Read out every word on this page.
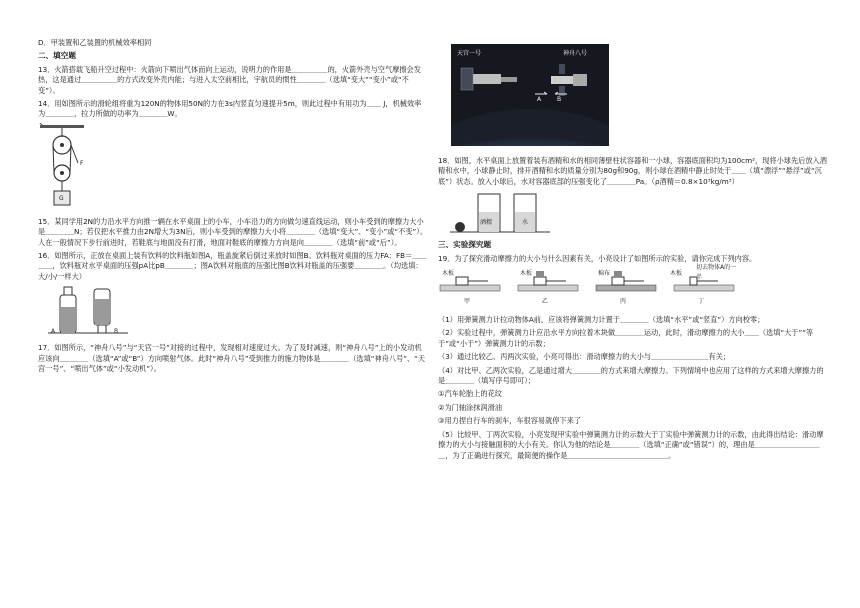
D．甲装置和乙装置的机械效率相同

二、填空题

13．火箭搭载飞船升空过程中：火箭向下喷出气体而向上运动，说明力的作用是＿＿＿＿＿的，火箭外壳与空气摩擦会发热，这是通过＿＿＿＿＿的方式改变外壳内能；与进入太空前相比，宇航员的惯性＿＿＿＿（选填“变大”“变小”或“不变”）。

14．用如图所示的滑轮组将重为120N的物体用50N的力在3s内竖直匀速提升5m，则此过程中有用功为＿＿ J，机械效率为＿＿＿＿，拉力所做的功率为＿＿＿＿W。

F
G

15．某同学用2N的力沿水平方向推一辆在水平桌面上的小车，小车沿力的方向做匀速直线运动，则小车受到的摩擦力大小是＿＿＿＿N；若仅把水平推力由2N增大为3N后，则小车受到的摩擦力大小将＿＿＿＿（选填“变大”、“变小”或“不变”）。人在一般情况下步行前进时，若鞋底与地面没有打滑，地面对鞋底的摩擦力方向是向＿＿＿＿（选填“前”或“后”）。

16．如图所示，正放在桌面上装有饮料的饮料瓶如图A，瓶盖旋紧后倒过来放时如图B。饮料瓶对桌面的压力FA：FB＝＿＿＿＿，饮料瓶对水平桌面的压强pA比pB＿＿＿＿；图A饮料对瓶底的压强比图B饮料对瓶盖的压强要＿＿＿＿。（均选填：大/小/一样大）

A	B

17．如图所示，“神舟八号”与“天宫一号”对接的过程中，发现相对速度过大。为了及时减速，则“神舟八号”上的小发动机应该向＿＿＿＿（选填“A”或“B”）方向喷射气体。此时“神舟八号”受到推力的施力物体是＿＿＿＿（选填“神舟八号”、“天宫一号”、“喷出气体”或“小发动机”）。

天宫一号	神舟八号
A	B

18．如图，水平桌面上放置着装有酒精和水的相同薄壁柱状容器和一小球，容器底面积均为100cm²，现将小球先后放入酒精和水中，小球静止时，排开酒精和水的质量分别为80g和90g，则小球在酒精中静止时处于＿＿（填“漂浮”“悬浮”或“沉底”）状态。放入小球后，水对容器底部的压强变化了＿＿＿＿Pa。（ρ酒精＝0.8×10³kg/m³）

酒精	水

三、实验探究题

19．为了探究滑动摩擦力的大小与什么因素有关，小亮设计了如图所示的实验，请你完成下列内容。

木板	木板	棉布	木板
切去物体A的一半
甲	乙	丙	丁

（1）用弹簧测力计拉动物体A前，应该将弹簧测力计置于＿＿＿＿（选填“水平”或“竖直”）方向校零；

（2）实验过程中，弹簧测力计应沿水平方向拉着木块做＿＿＿＿运动，此时，滑动摩擦力的大小＿＿（选填“大于”“等于”或“小于”）弹簧测力计的示数；

（3）通过比较乙、丙两次实验，小亮可得出：滑动摩擦力的大小与＿＿＿＿＿＿＿＿有关；

（4）对比甲、乙两次实验，乙是通过增大＿＿＿＿的方式来增大摩擦力。下列情境中也应用了这样的方式来增大摩擦力的是＿＿＿＿（填写序号即可）；

①汽车轮胎上的花纹

②为门轴涂抹润滑油

③用力捏自行车的刹车，车很容易就停下来了

（5）比较甲、丁两次实验，小亮发现甲实验中弹簧测力计的示数大于丁实验中弹簧测力计的示数，由此得出结论：滑动摩擦力的大小与接触面积的大小有关。你认为他的结论是＿＿＿＿（选填“正确”或“错误”）的，理由是＿＿＿＿＿＿＿＿＿＿，为了正确进行探究，最简便的操作是＿＿＿＿＿＿＿＿＿＿＿＿＿＿。
